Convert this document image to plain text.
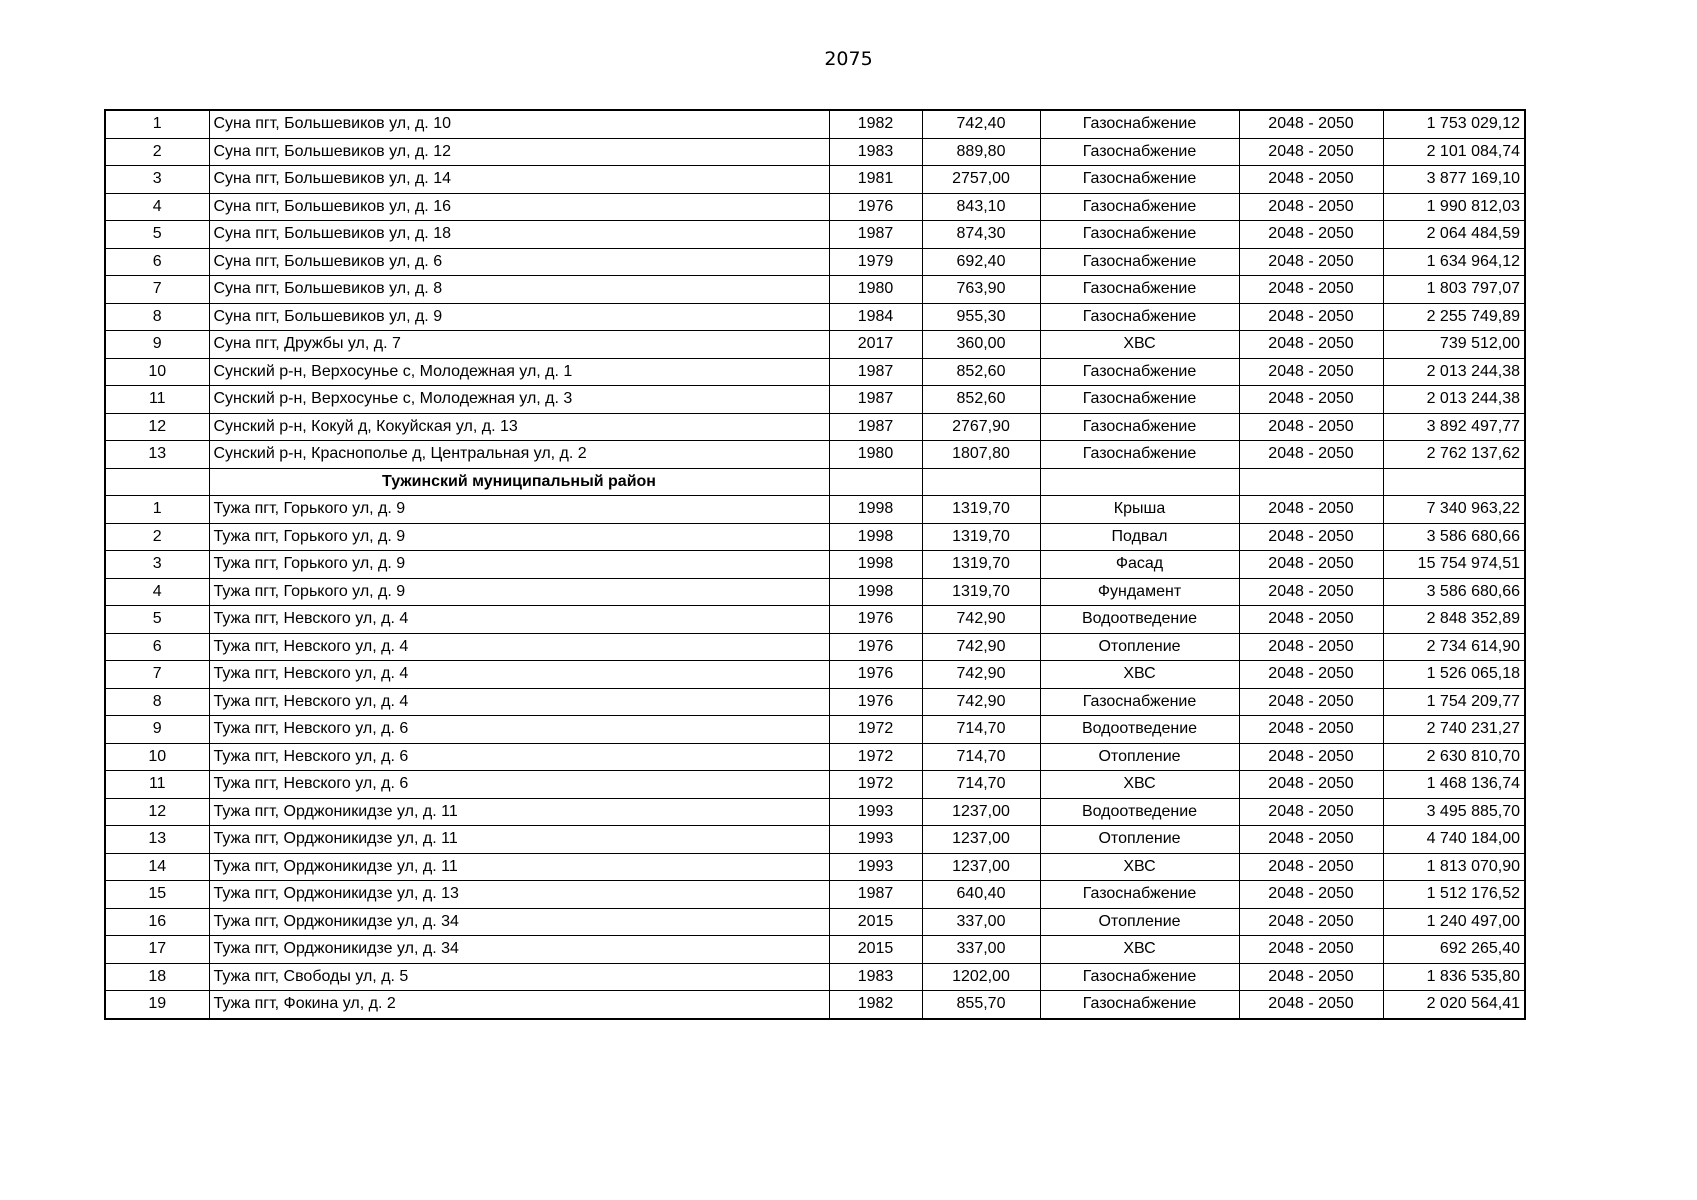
2075
1	Суна пгт, Большевиков ул, д. 10	1982	742,40	Газоснабжение	2048 - 2050	1 753 029,12
2	Суна пгт, Большевиков ул, д. 12	1983	889,80	Газоснабжение	2048 - 2050	2 101 084,74
3	Суна пгт, Большевиков ул, д. 14	1981	2757,00	Газоснабжение	2048 - 2050	3 877 169,10
4	Суна пгт, Большевиков ул, д. 16	1976	843,10	Газоснабжение	2048 - 2050	1 990 812,03
5	Суна пгт, Большевиков ул, д. 18	1987	874,30	Газоснабжение	2048 - 2050	2 064 484,59
6	Суна пгт, Большевиков ул, д. 6	1979	692,40	Газоснабжение	2048 - 2050	1 634 964,12
7	Суна пгт, Большевиков ул, д. 8	1980	763,90	Газоснабжение	2048 - 2050	1 803 797,07
8	Суна пгт, Большевиков ул, д. 9	1984	955,30	Газоснабжение	2048 - 2050	2 255 749,89
9	Суна пгт, Дружбы ул, д. 7	2017	360,00	ХВС	2048 - 2050	739 512,00
10	Сунский р-н, Верхосунье с, Молодежная ул, д. 1	1987	852,60	Газоснабжение	2048 - 2050	2 013 244,38
11	Сунский р-н, Верхосунье с, Молодежная ул, д. 3	1987	852,60	Газоснабжение	2048 - 2050	2 013 244,38
12	Сунский р-н, Кокуй д, Кокуйская ул, д. 13	1987	2767,90	Газоснабжение	2048 - 2050	3 892 497,77
13	Сунский р-н, Краснополье д, Центральная ул, д. 2	1980	1807,80	Газоснабжение	2048 - 2050	2 762 137,62
	Тужинский муниципальный район					
1	Тужа пгт, Горького ул, д. 9	1998	1319,70	Крыша	2048 - 2050	7 340 963,22
2	Тужа пгт, Горького ул, д. 9	1998	1319,70	Подвал	2048 - 2050	3 586 680,66
3	Тужа пгт, Горького ул, д. 9	1998	1319,70	Фасад	2048 - 2050	15 754 974,51
4	Тужа пгт, Горького ул, д. 9	1998	1319,70	Фундамент	2048 - 2050	3 586 680,66
5	Тужа пгт, Невского ул, д. 4	1976	742,90	Водоотведение	2048 - 2050	2 848 352,89
6	Тужа пгт, Невского ул, д. 4	1976	742,90	Отопление	2048 - 2050	2 734 614,90
7	Тужа пгт, Невского ул, д. 4	1976	742,90	ХВС	2048 - 2050	1 526 065,18
8	Тужа пгт, Невского ул, д. 4	1976	742,90	Газоснабжение	2048 - 2050	1 754 209,77
9	Тужа пгт, Невского ул, д. 6	1972	714,70	Водоотведение	2048 - 2050	2 740 231,27
10	Тужа пгт, Невского ул, д. 6	1972	714,70	Отопление	2048 - 2050	2 630 810,70
11	Тужа пгт, Невского ул, д. 6	1972	714,70	ХВС	2048 - 2050	1 468 136,74
12	Тужа пгт, Орджоникидзе ул, д. 11	1993	1237,00	Водоотведение	2048 - 2050	3 495 885,70
13	Тужа пгт, Орджоникидзе ул, д. 11	1993	1237,00	Отопление	2048 - 2050	4 740 184,00
14	Тужа пгт, Орджоникидзе ул, д. 11	1993	1237,00	ХВС	2048 - 2050	1 813 070,90
15	Тужа пгт, Орджоникидзе ул, д. 13	1987	640,40	Газоснабжение	2048 - 2050	1 512 176,52
16	Тужа пгт, Орджоникидзе ул, д. 34	2015	337,00	Отопление	2048 - 2050	1 240 497,00
17	Тужа пгт, Орджоникидзе ул, д. 34	2015	337,00	ХВС	2048 - 2050	692 265,40
18	Тужа пгт, Свободы ул, д. 5	1983	1202,00	Газоснабжение	2048 - 2050	1 836 535,80
19	Тужа пгт, Фокина ул, д. 2	1982	855,70	Газоснабжение	2048 - 2050	2 020 564,41
